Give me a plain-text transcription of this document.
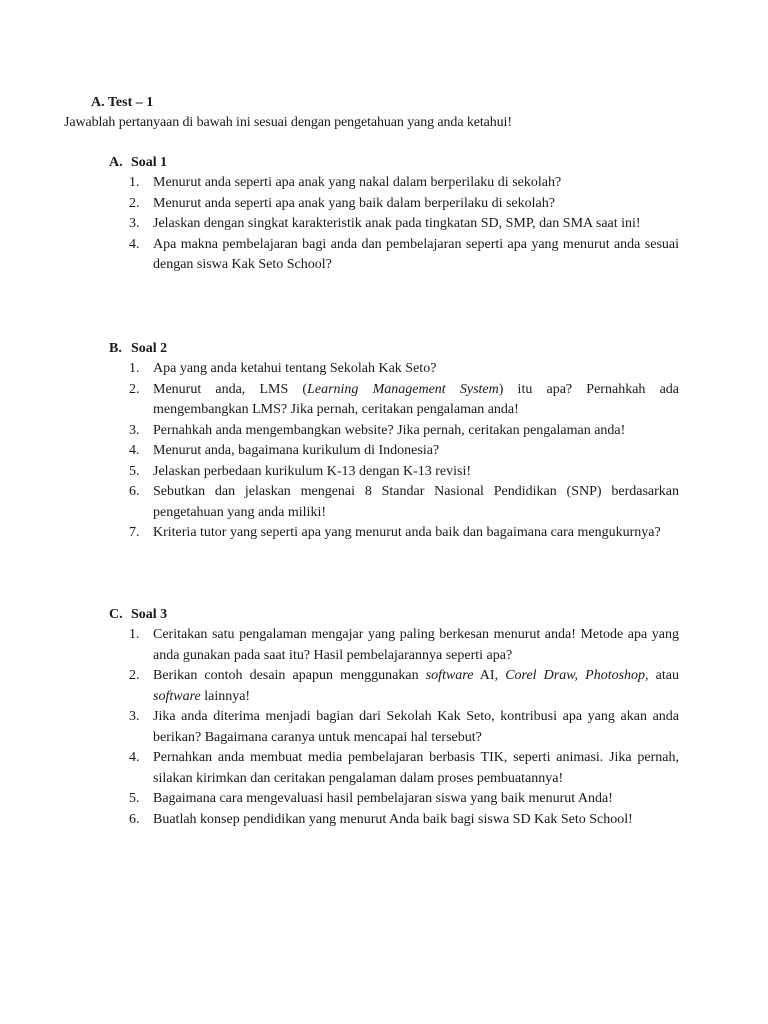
A. Test – 1
Jawablah pertanyaan di bawah ini sesuai dengan pengetahuan yang anda ketahui!
A. Soal 1
1. Menurut anda seperti apa anak yang nakal dalam berperilaku di sekolah?
2. Menurut anda seperti apa anak yang baik dalam berperilaku di sekolah?
3. Jelaskan dengan singkat karakteristik anak pada tingkatan SD, SMP, dan SMA saat ini!
4. Apa makna pembelajaran bagi anda dan pembelajaran seperti apa yang menurut anda sesuai dengan siswa Kak Seto School?
B. Soal 2
1. Apa yang anda ketahui tentang Sekolah Kak Seto?
2. Menurut anda, LMS (Learning Management System) itu apa? Pernahkah ada mengembangkan LMS? Jika pernah, ceritakan pengalaman anda!
3. Pernahkah anda mengembangkan website? Jika pernah, ceritakan pengalaman anda!
4. Menurut anda, bagaimana kurikulum di Indonesia?
5. Jelaskan perbedaan kurikulum K-13 dengan K-13 revisi!
6. Sebutkan dan jelaskan mengenai 8 Standar Nasional Pendidikan (SNP) berdasarkan pengetahuan yang anda miliki!
7. Kriteria tutor yang seperti apa yang menurut anda baik dan bagaimana cara mengukurnya?
C. Soal 3
1. Ceritakan satu pengalaman mengajar yang paling berkesan menurut anda! Metode apa yang anda gunakan pada saat itu? Hasil pembelajarannya seperti apa?
2. Berikan contoh desain apapun menggunakan software AI, Corel Draw, Photoshop, atau software lainnya!
3. Jika anda diterima menjadi bagian dari Sekolah Kak Seto, kontribusi apa yang akan anda berikan? Bagaimana caranya untuk mencapai hal tersebut?
4. Pernahkan anda membuat media pembelajaran berbasis TIK, seperti animasi. Jika pernah, silakan kirimkan dan ceritakan pengalaman dalam proses pembuatannya!
5. Bagaimana cara mengevaluasi hasil pembelajaran siswa yang baik menurut Anda!
6. Buatlah konsep pendidikan yang menurut Anda baik bagi siswa SD Kak Seto School!
